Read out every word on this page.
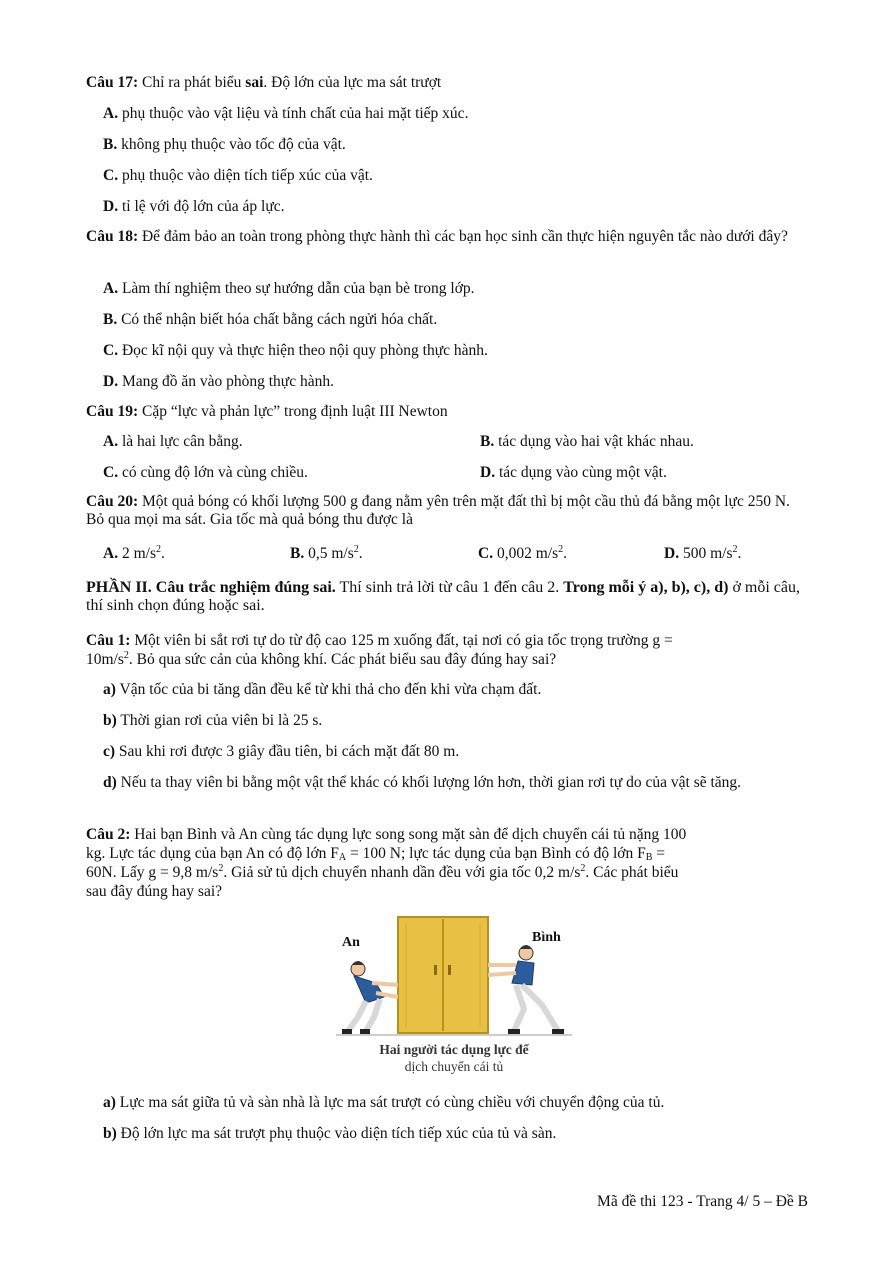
Câu 17: Chỉ ra phát biểu sai. Độ lớn của lực ma sát trượt
A. phụ thuộc vào vật liệu và tính chất của hai mặt tiếp xúc.
B. không phụ thuộc vào tốc độ của vật.
C. phụ thuộc vào diện tích tiếp xúc của vật.
D. tỉ lệ với độ lớn của áp lực.
Câu 18: Để đảm bảo an toàn trong phòng thực hành thì các bạn học sinh cần thực hiện nguyên tắc nào dưới đây?
A. Làm thí nghiệm theo sự hướng dẫn của bạn bè trong lớp.
B. Có thể nhận biết hóa chất bằng cách ngửi hóa chất.
C. Đọc kĩ nội quy và thực hiện theo nội quy phòng thực hành.
D. Mang đồ ăn vào phòng thực hành.
Câu 19: Cặp “lực và phản lực” trong định luật III Newton
A. là hai lực cân bằng.	B. tác dụng vào hai vật khác nhau.
C. có cùng độ lớn và cùng chiều.	D. tác dụng vào cùng một vật.
Câu 20: Một quả bóng có khối lượng 500 g đang nằm yên trên mặt đất thì bị một cầu thủ đá bằng một lực 250 N. Bỏ qua mọi ma sát. Gia tốc mà quả bóng thu được là
A. 2 $m/s^2$.	B. 0,5 $m/s^2$.	C. 0,002 $m/s^2$.	D. 500 $m/s^2$.
PHẦN II. Câu trắc nghiệm đúng sai. Thí sinh trả lời từ câu 1 đến câu 2. Trong mỗi ý a), b), c), d) ở mỗi câu, thí sinh chọn đúng hoặc sai.
Câu 1: Một viên bi sắt rơi tự do từ độ cao 125 m xuống đất, tại nơi có gia tốc trọng trường g =
$10m/s^2$. Bỏ qua sức cản của không khí. Các phát biểu sau đây đúng hay sai?
a) Vận tốc của bi tăng dần đều kể từ khi thả cho đến khi vừa chạm đất.
b) Thời gian rơi của viên bi là 25 s.
c) Sau khi rơi được 3 giây đầu tiên, bi cách mặt đất 80 m.
d) Nếu ta thay viên bi bằng một vật thể khác có khối lượng lớn hơn, thời gian rơi tự do của vật sẽ tăng.
Câu 2: Hai bạn Bình và An cùng tác dụng lực song song mặt sàn để dịch chuyển cái tủ nặng 100
kg. Lực tác dụng của bạn An có độ lớn $F_A = 100$ N; lực tác dụng của bạn Bình có độ lớn $F_B$ =
60N. Lấy g = 9,8 $m/s^2$. Giả sử tủ dịch chuyển nhanh dần đều với gia tốc 0,2 $m/s^2$. Các phát biểu
sau đây đúng hay sai?
An	Bình
Hai người tác dụng lực để
dịch chuyển cái tủ
a) Lực ma sát giữa tủ và sàn nhà là lực ma sát trượt có cùng chiều với chuyển động của tủ.
b) Độ lớn lực ma sát trượt phụ thuộc vào diện tích tiếp xúc của tủ và sàn.
Mã đề thi 123 - Trang 4/ 5 – Đề B
